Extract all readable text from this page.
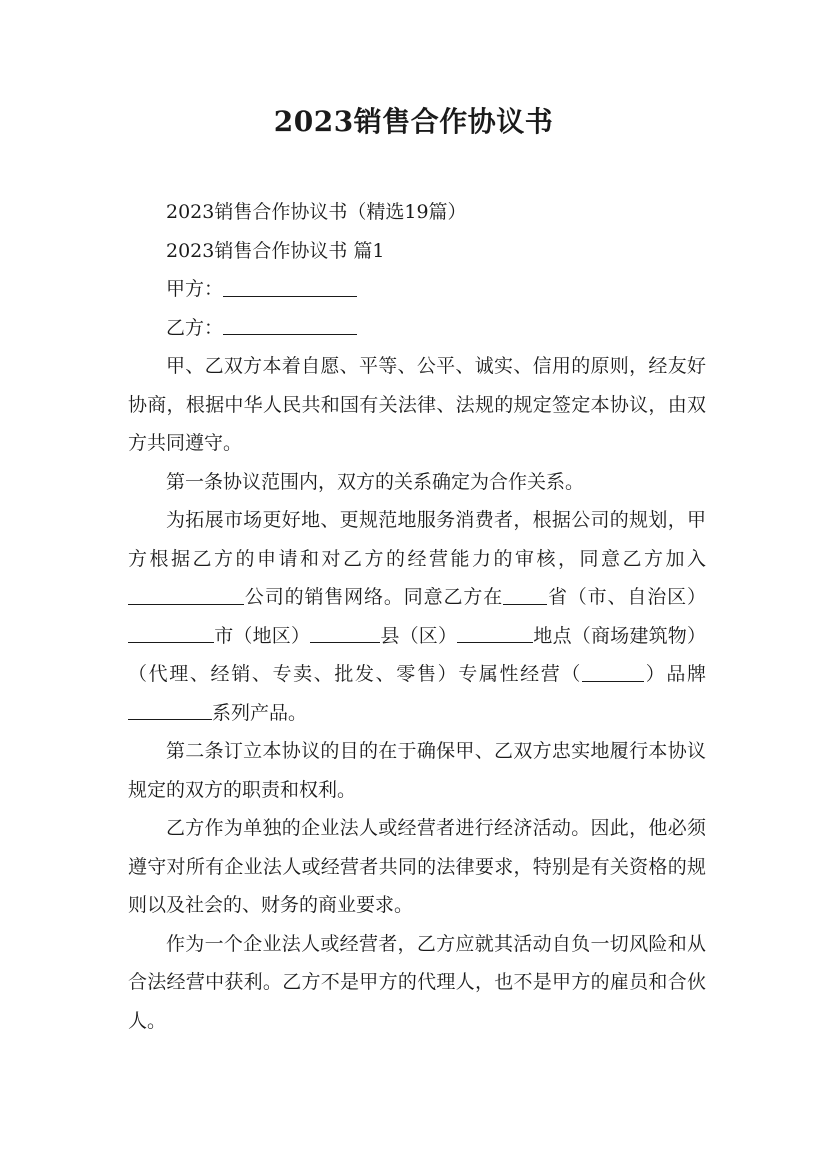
2023销售合作协议书

2023销售合作协议书（精选19篇）

2023销售合作协议书 篇1

甲方：

乙方：

甲、乙双方本着自愿、平等、公平、诚实、信用的原则，经友好协商，根据中华人民共和国有关法律、法规的规定签定本协议，由双方共同遵守。

第一条协议范围内，双方的关系确定为合作关系。

为拓展市场更好地、更规范地服务消费者，根据公司的规划，甲方根据乙方的申请和对乙方的经营能力的审核，同意乙方加入公司的销售网络。同意乙方在 省（市、自治区）市（地区）	县（区）	地点（商场建筑物）（代理、经销、专卖、批发、零售）专属性经营（	）品牌系列产品。

第二条订立本协议的目的在于确保甲、乙双方忠实地履行本协议规定的双方的职责和权利。

乙方作为单独的企业法人或经营者进行经济活动。因此，他必须遵守对所有企业法人或经营者共同的法律要求，特别是有关资格的规则以及社会的、财务的商业要求。

作为一个企业法人或经营者，乙方应就其活动自负一切风险和从合法经营中获利。乙方不是甲方的代理人，也不是甲方的雇员和合伙人。
